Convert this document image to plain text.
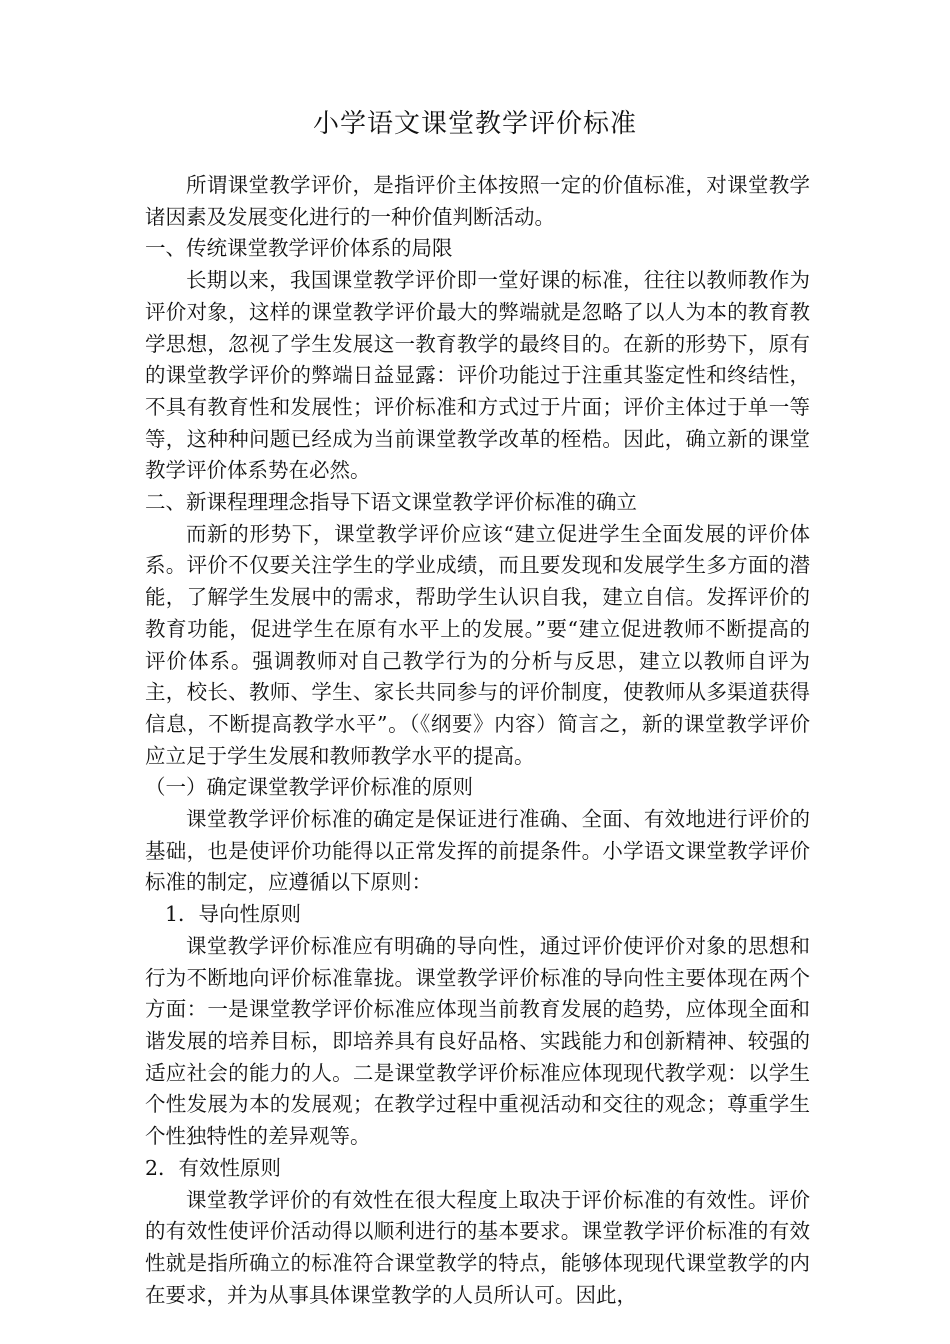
小学语文课堂教学评价标准

所谓课堂教学评价，是指评价主体按照一定的价值标准，对课堂教学诸因素及发展变化进行的一种价值判断活动。

一、传统课堂教学评价体系的局限

长期以来，我国课堂教学评价即一堂好课的标准，往往以教师教作为评价对象，这样的课堂教学评价最大的弊端就是忽略了以人为本的教育教学思想，忽视了学生发展这一教育教学的最终目的。在新的形势下，原有的课堂教学评价的弊端日益显露：评价功能过于注重其鉴定性和终结性，不具有教育性和发展性；评价标准和方式过于片面；评价主体过于单一等等，这种种问题已经成为当前课堂教学改革的桎梏。因此，确立新的课堂教学评价体系势在必然。

二、新课程理理念指导下语文课堂教学评价标准的确立

而新的形势下，课堂教学评价应该“建立促进学生全面发展的评价体系。评价不仅要关注学生的学业成绩，而且要发现和发展学生多方面的潜能，了解学生发展中的需求，帮助学生认识自我，建立自信。发挥评价的教育功能，促进学生在原有水平上的发展。”要“建立促进教师不断提高的评价体系。强调教师对自己教学行为的分析与反思，建立以教师自评为主，校长、教师、学生、家长共同参与的评价制度，使教师从多渠道获得信息，不断提高教学水平”。（《纲要》内容）简言之，新的课堂教学评价应立足于学生发展和教师教学水平的提高。

（一）确定课堂教学评价标准的原则

课堂教学评价标准的确定是保证进行准确、全面、有效地进行评价的基础，也是使评价功能得以正常发挥的前提条件。小学语文课堂教学评价标准的制定，应遵循以下原则：

1．导向性原则

课堂教学评价标准应有明确的导向性，通过评价使评价对象的思想和行为不断地向评价标准靠拢。课堂教学评价标准的导向性主要体现在两个方面：一是课堂教学评价标准应体现当前教育发展的趋势，应体现全面和谐发展的培养目标，即培养具有良好品格、实践能力和创新精神、较强的适应社会的能力的人。二是课堂教学评价标准应体现现代教学观：以学生个性发展为本的发展观；在教学过程中重视活动和交往的观念；尊重学生个性独特性的差异观等。

2．有效性原则

课堂教学评价的有效性在很大程度上取决于评价标准的有效性。评价的有效性使评价活动得以顺利进行的基本要求。课堂教学评价标准的有效性就是指所确立的标准符合课堂教学的特点，能够体现现代课堂教学的内在要求，并为从事具体课堂教学的人员所认可。因此，
